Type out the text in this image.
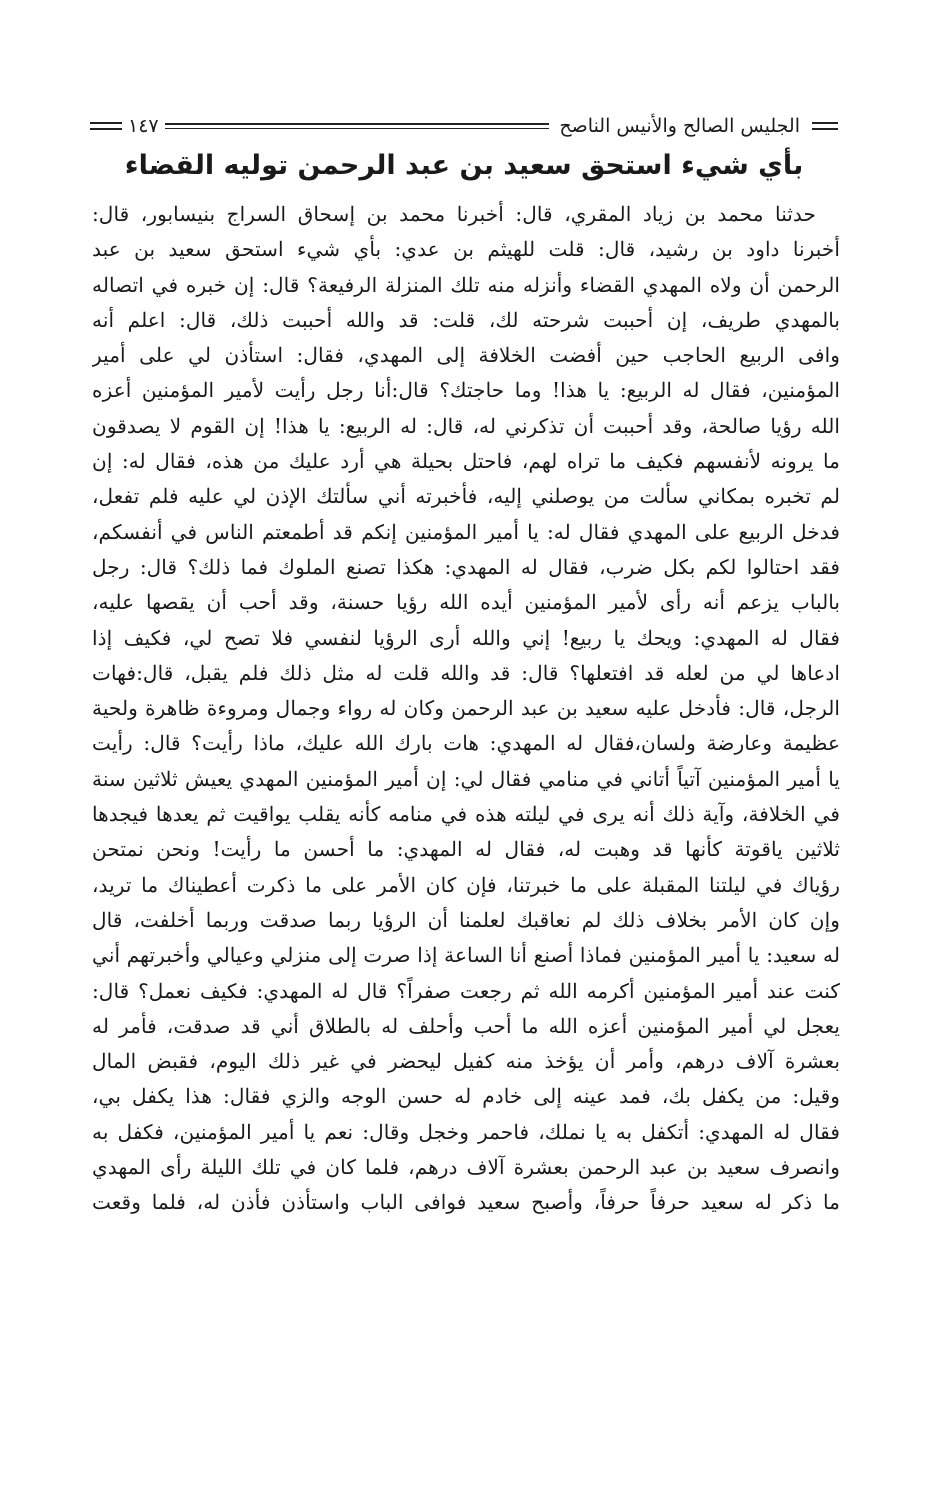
الجليس الصالح والأنيس الناصح
١٤٧
بأي شيء استحق سعيد بن عبد الرحمن توليه القضاء
حدثنا محمد بن زياد المقري، قال: أخبرنا محمد بن إسحاق السراج بنيسابور، قال:
أخبرنا داود بن رشيد، قال: قلت للهيثم بن عدي: بأي شيء استحق سعيد بن عبد
الرحمن أن ولاه المهدي القضاء وأنزله منه تلك المنزلة الرفيعة؟ قال: إن خبره في اتصاله
بالمهدي طريف، إن أحببت شرحته لك، قلت: قد والله أحببت ذلك، قال: اعلم أنه
وافى الربيع الحاجب حين أفضت الخلافة إلى المهدي، فقال: استأذن لي على أمير
المؤمنين، فقال له الربيع: يا هذا! وما حاجتك؟ قال:أنا رجل رأيت لأمير المؤمنين أعزه
الله رؤيا صالحة، وقد أحببت أن تذكرني له، قال: له الربيع: يا هذا! إن القوم لا يصدقون
ما يرونه لأنفسهم فكيف ما تراه لهم، فاحتل بحيلة هي أرد عليك من هذه، فقال له: إن
لم تخبره بمكاني سألت من يوصلني إليه، فأخبرته أني سألتك الإذن لي عليه فلم تفعل،
فدخل الربيع على المهدي فقال له: يا أمير المؤمنين إنكم قد أطمعتم الناس في أنفسكم،
فقد احتالوا لكم بكل ضرب، فقال له المهدي: هكذا تصنع الملوك فما ذلك؟ قال: رجل
بالباب يزعم أنه رأى لأمير المؤمنين أيده الله رؤيا حسنة، وقد أحب أن يقصها عليه،
فقال له المهدي: ويحك يا ربيع! إني والله أرى الرؤيا لنفسي فلا تصح لي، فكيف إذا
ادعاها لي من لعله قد افتعلها؟ قال: قد والله قلت له مثل ذلك فلم يقبل، قال:فهات
الرجل، قال: فأدخل عليه سعيد بن عبد الرحمن وكان له رواء وجمال ومروءة ظاهرة ولحية
عظيمة وعارضة ولسان،فقال له المهدي: هات بارك الله عليك، ماذا رأيت؟ قال: رأيت
يا أمير المؤمنين آتياً أتاني في منامي فقال لي: إن أمير المؤمنين المهدي يعيش ثلاثين سنة
في الخلافة، وآية ذلك أنه يرى في ليلته هذه في منامه كأنه يقلب يواقيت ثم يعدها فيجدها
ثلاثين ياقوتة كأنها قد وهبت له، فقال له المهدي: ما أحسن ما رأيت! ونحن نمتحن
رؤياك في ليلتنا المقبلة على ما خبرتنا، فإن كان الأمر على ما ذكرت أعطيناك ما تريد،
وإن كان الأمر بخلاف ذلك لم نعاقبك لعلمنا أن الرؤيا ربما صدقت وربما أخلفت، قال
له سعيد: يا أمير المؤمنين فماذا أصنع أنا الساعة إذا صرت إلى منزلي وعيالي وأخبرتهم أني
كنت عند أمير المؤمنين أكرمه الله ثم رجعت صفراً؟ قال له المهدي: فكيف نعمل؟ قال:
يعجل لي أمير المؤمنين أعزه الله ما أحب وأحلف له بالطلاق أني قد صدقت، فأمر له
بعشرة آلاف درهم، وأمر أن يؤخذ منه كفيل ليحضر في غير ذلك اليوم، فقبض المال
وقيل: من يكفل بك، فمد عينه إلى خادم له حسن الوجه والزي فقال: هذا يكفل بي،
فقال له المهدي: أتكفل به يا نملك، فاحمر وخجل وقال: نعم يا أمير المؤمنين، فكفل به
وانصرف سعيد بن عبد الرحمن بعشرة آلاف درهم، فلما كان في تلك الليلة رأى المهدي
ما ذكر له سعيد حرفاً حرفاً، وأصبح سعيد فوافى الباب واستأذن فأذن له، فلما وقعت
